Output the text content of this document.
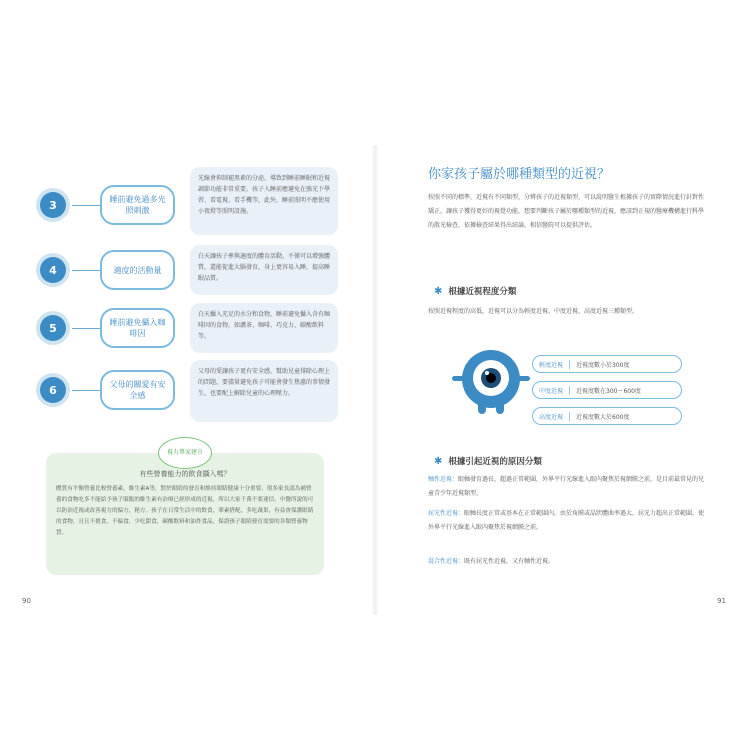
3	睡前避免過多光照刺激
光線會抑制褪黑素的分泌，導致到睡前睡眠和近視調節功能非常重要。孩子入睡前應避免在強光下學習、看電視、看手機等，此外，睡前照明不應使用小夜燈等照明設施。
4	適度的活動量
白天讓孩子參與適度的體育活動，不僅可以增強體質，還能促進大腦發育，身上更容易入睡，提高睡眠品質。
5	睡前避免攝入咖啡因
白天攝入充足的水分和食物，睡前避免攝入含有咖啡因的食物，如濃茶、咖啡、巧克力、碳酸飲料等。
6	父母的關愛有安全感
父母的愛讓孩子更有安全感，幫助兒童排除心理上的問題，要儘量避免孩子可能會發生焦慮的事情發生，也要配上解除兒童的心理壓力。
視力專家建言
有些營養能力的飲食攝入嗎？
體質有平衡營養比較營養素，維生素A等，對於眼睛的發育和維持眼睛健康十分重要，很多家長認為補營養的食物吃多不能給予孩子服飯的維生素有治療已經形成的近視，所以大家千萬不要迷信。中醫所說的可以防治近視或改善視力的偏方，秘方。孩子在日常生活中的飲食，葷素搭配，多吃蔬果，有益會保護眼睛的食物，且且不挑食，不偏食，少吃甜食，碳酸飲料和油炸食品，保證孩子眼睛發育需要的各類營養物質。
90
你家孩子屬於哪種類型的近視？
按照不同的標準，近視有不同類型，分辨孩子的近視類型，可以說明醫生根據孩子的實際情況進行針對性矯正，讓孩子獲得更好的視覺功能。想要判斷孩子屬於哪種類型的近視，應該到正規的醫療機構進行科學的散光檢查，依據檢查結果得出結論，相信醫院可以提供評估。
✱ 根據近視程度分類
按照近視程度的高低，近視可以分為輕度近視、中度近視、高度近視三種類型。
輕度近視	近視度數小於300度
中度近視	近視度數在300～600度
高度近視	近視度數大於600度
✱ 根據引起近視的原因分類
軸性近視：眼軸發育過長，超過正常範圍，外界平行光線進入眼內聚焦於視網膜之前，是目前最常見的兒童青少年近視類型。
屈光性近視：眼軸長度正常或基本在正常範圍內，由於角膜或晶狀體曲率過大，屈光力超出正常範圍，使外界平行光線進入眼內聚焦於視網膜之前。
混合性近視：既有屈光性近視，又有軸性近視。
91
